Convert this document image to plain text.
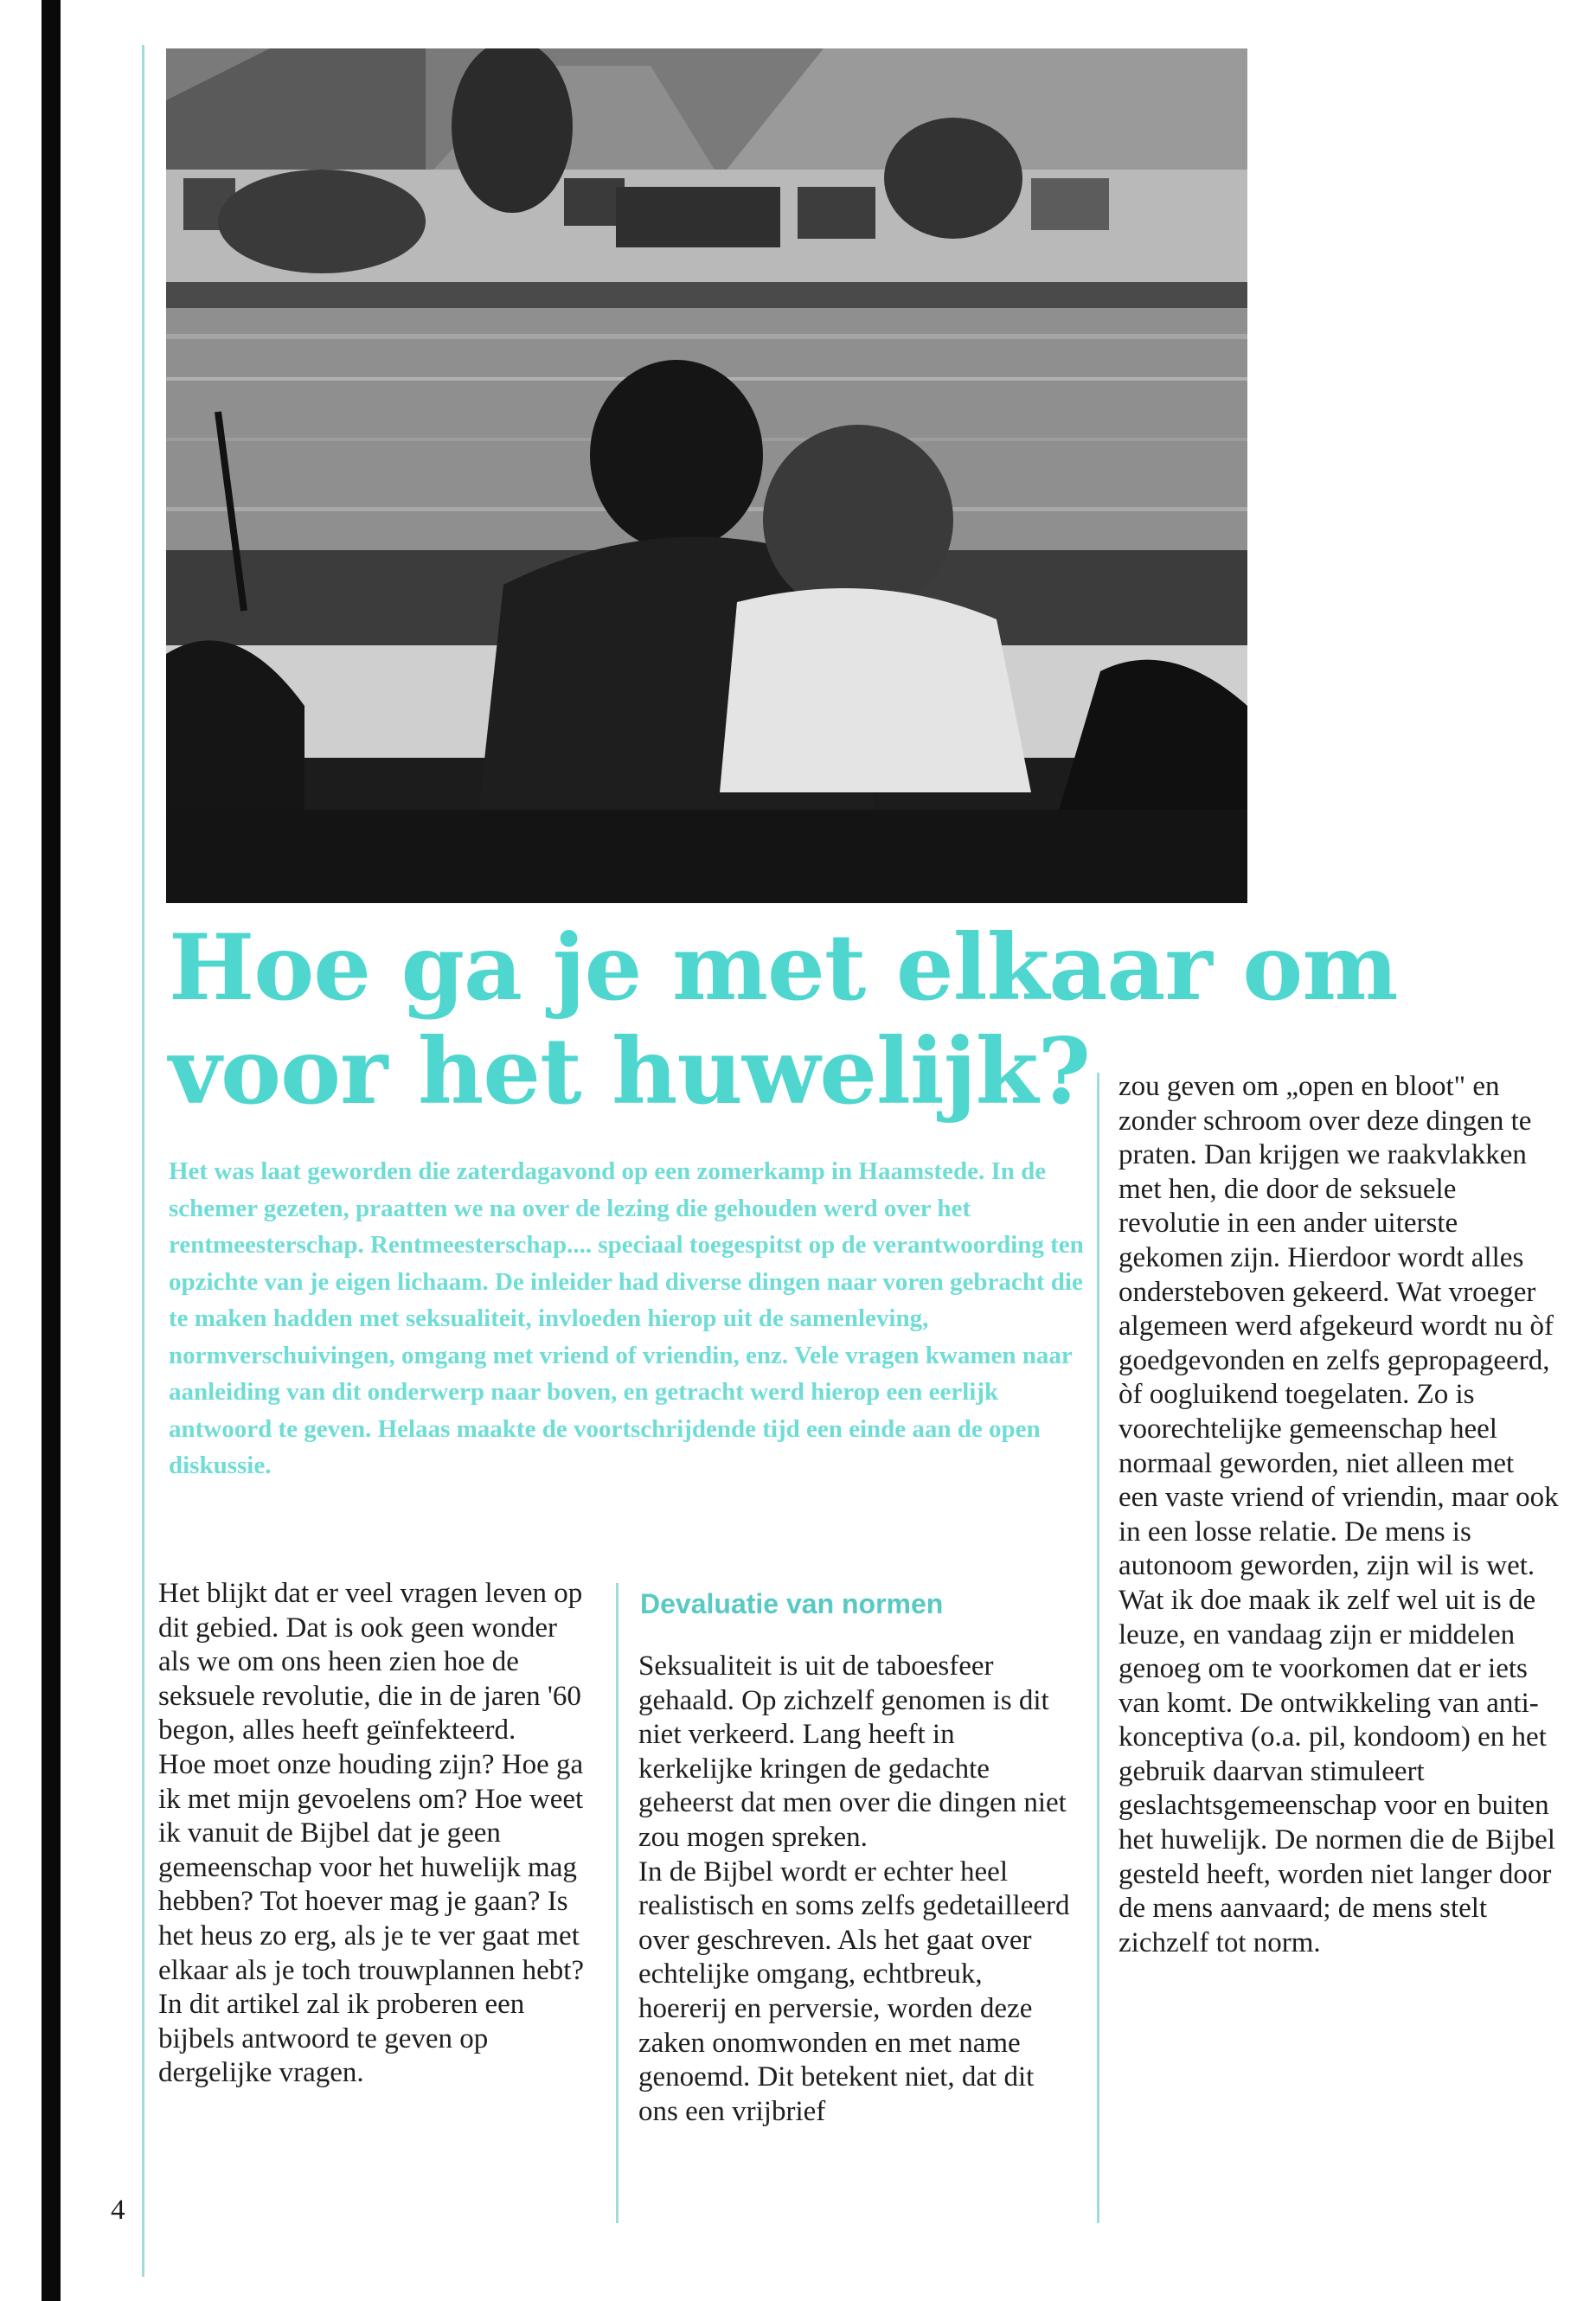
Hoe ga je met elkaar om voor het huwelijk?

Het was laat geworden die zaterdagavond op een zomerkamp in Haamstede. In de schemer gezeten, praatten we na over de lezing die gehouden werd over het rentmeesterschap. Rentmeesterschap.... speciaal toegespitst op de verantwoording ten opzichte van je eigen lichaam. De inleider had diverse dingen naar voren gebracht die te maken hadden met seksualiteit, invloeden hierop uit de samenleving, normverschuivingen, omgang met vriend of vriendin, enz. Vele vragen kwamen naar aanleiding van dit onderwerp naar boven, en getracht werd hierop een eerlijk antwoord te geven. Helaas maakte de voortschrijdende tijd een einde aan de open diskussie.

Het blijkt dat er veel vragen leven op dit gebied. Dat is ook geen wonder als we om ons heen zien hoe de seksuele revolutie, die in de jaren '60 begon, alles heeft geïnfekteerd.

Hoe moet onze houding zijn? Hoe ga ik met mijn gevoelens om? Hoe weet ik vanuit de Bijbel dat je geen gemeenschap voor het huwelijk mag hebben? Tot hoever mag je gaan? Is het heus zo erg, als je te ver gaat met elkaar als je toch trouwplannen hebt?

In dit artikel zal ik proberen een bijbels antwoord te geven op dergelijke vragen.

Devaluatie van normen

Seksualiteit is uit de taboesfeer gehaald. Op zichzelf genomen is dit niet verkeerd. Lang heeft in kerkelijke kringen de gedachte geheerst dat men over die dingen niet zou mogen spreken.

In de Bijbel wordt er echter heel realistisch en soms zelfs gedetailleerd over geschreven. Als het gaat over echtelijke omgang, echtbreuk, hoererij en perversie, worden deze zaken onomwonden en met name genoemd. Dit betekent niet, dat dit ons een vrijbrief

zou geven om „open en bloot" en zonder schroom over deze dingen te praten. Dan krijgen we raakvlakken met hen, die door de seksuele revolutie in een ander uiterste gekomen zijn. Hierdoor wordt alles ondersteboven gekeerd. Wat vroeger algemeen werd afgekeurd wordt nu òf goedgevonden en zelfs gepropageerd, òf oogluikend toegelaten. Zo is voorechtelijke gemeenschap heel normaal geworden, niet alleen met een vaste vriend of vriendin, maar ook in een losse relatie. De mens is autonoom geworden, zijn wil is wet. Wat ik doe maak ik zelf wel uit is de leuze, en vandaag zijn er middelen genoeg om te voorkomen dat er iets van komt. De ontwikkeling van anti-konceptiva (o.a. pil, kondoom) en het gebruik daarvan stimuleert geslachtsgemeenschap voor en buiten het huwelijk. De normen die de Bijbel gesteld heeft, worden niet langer door de mens aanvaard; de mens stelt zichzelf tot norm.

4
